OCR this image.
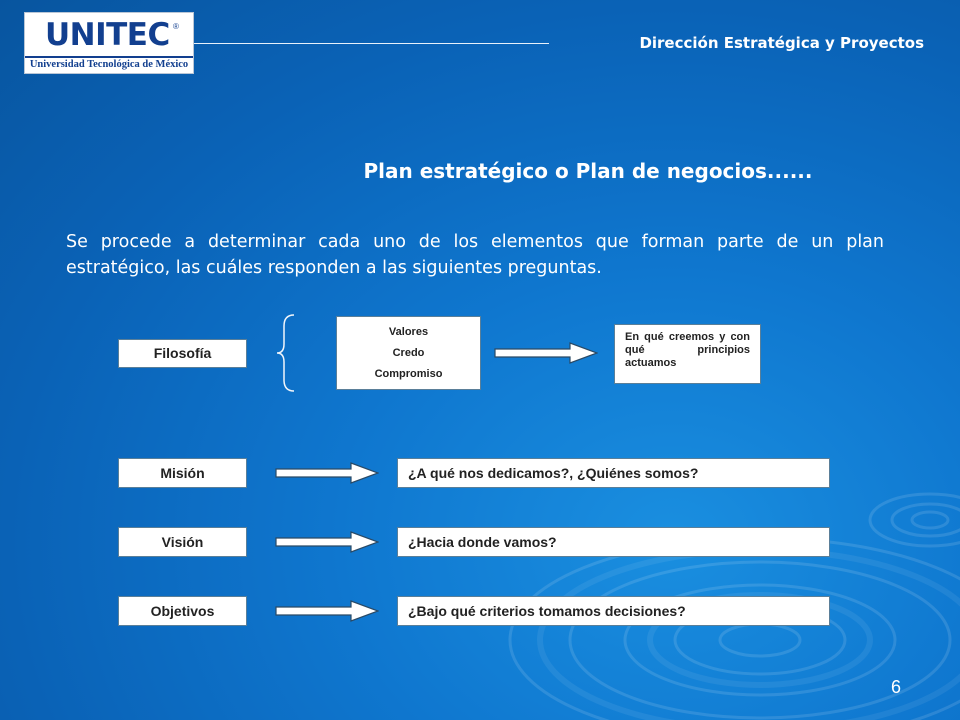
UNITEC ®
Universidad Tecnológica de México
Dirección Estratégica y Proyectos
Plan estratégico o Plan de negocios......
Se procede a determinar cada uno de los elementos que forman parte de un plan estratégico, las cuáles responden a las siguientes preguntas.
Filosofía
Valores
Credo
Compromiso
En qué creemos y con qué principios actuamos
Misión	¿A qué nos dedicamos?, ¿Quiénes somos?
Visión	¿Hacia donde vamos?
Objetivos	¿Bajo qué criterios tomamos decisiones?
6
